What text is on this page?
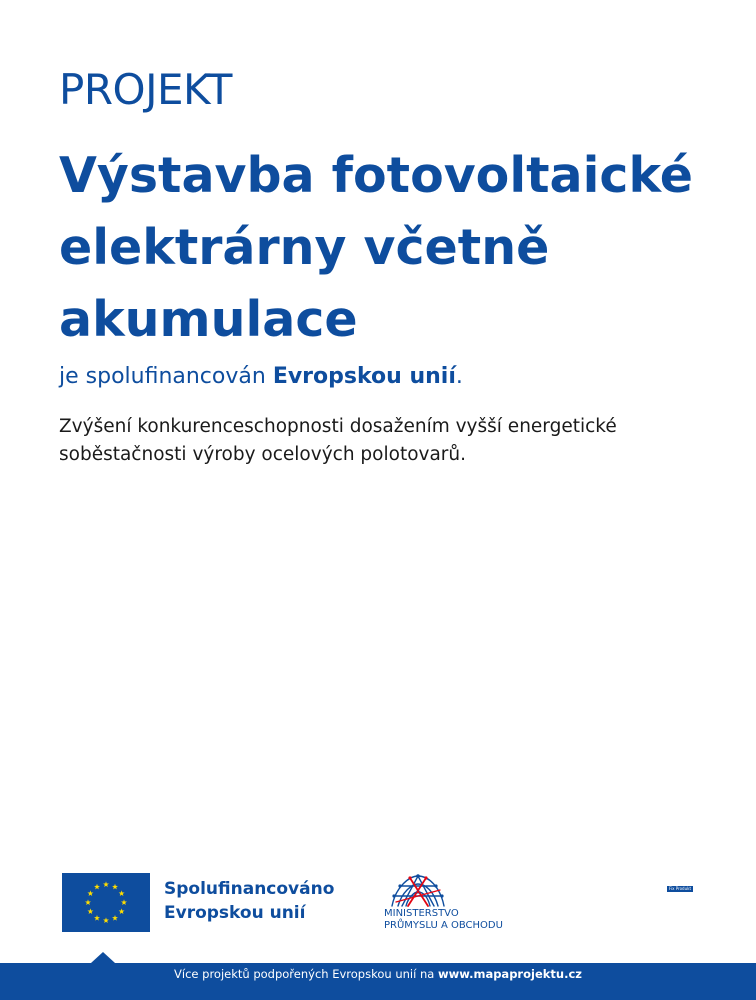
PROJEKT
Výstavba fotovoltaické elektrárny včetně akumulace
je spolufinancován Evropskou unií.

Zvýšení konkurenceschopnosti dosažením vyšší energetické soběstačnosti výroby ocelových polotovarů.

Spolufinancováno
Evropskou unií	MINISTERSTVO
PRŮMYSLU A OBCHODU
Fix Produkt
Více projektů podpořených Evropskou unií na www.mapaprojektu.cz
